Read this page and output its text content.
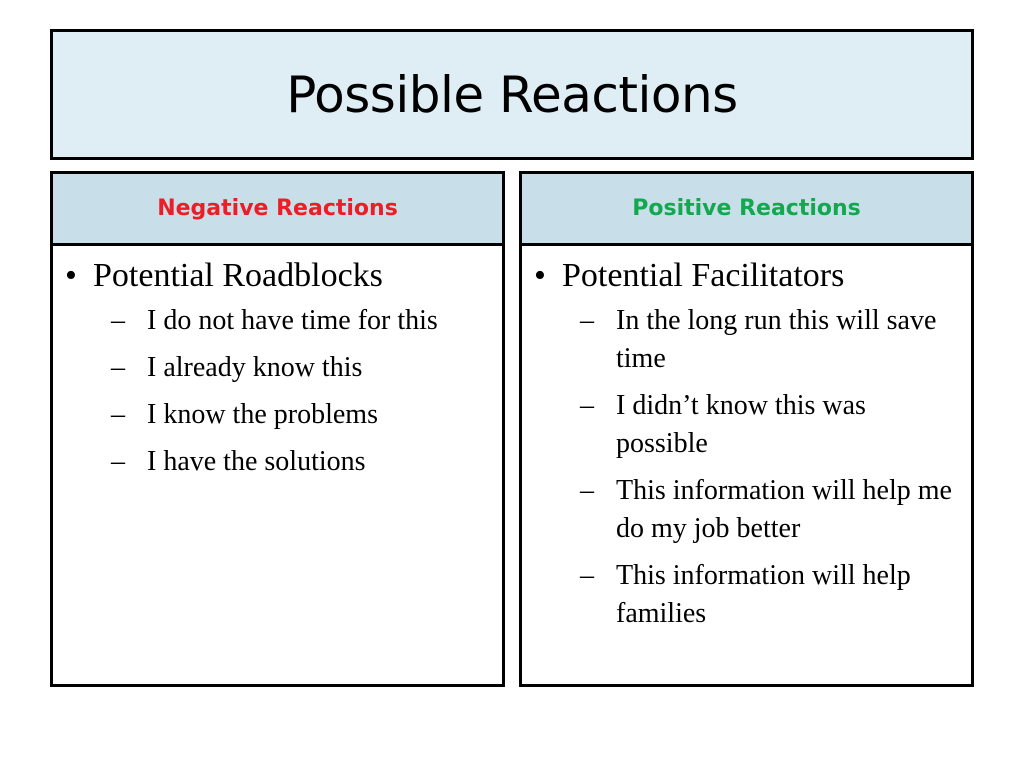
Possible Reactions
Negative Reactions
• Potential Roadblocks
– I do not have time for this
– I already know this
– I know the problems
– I have the solutions
Positive Reactions
• Potential Facilitators
– In the long run this will save time
– I didn’t know this was possible
– This information will help me do my job better
– This information will help families
